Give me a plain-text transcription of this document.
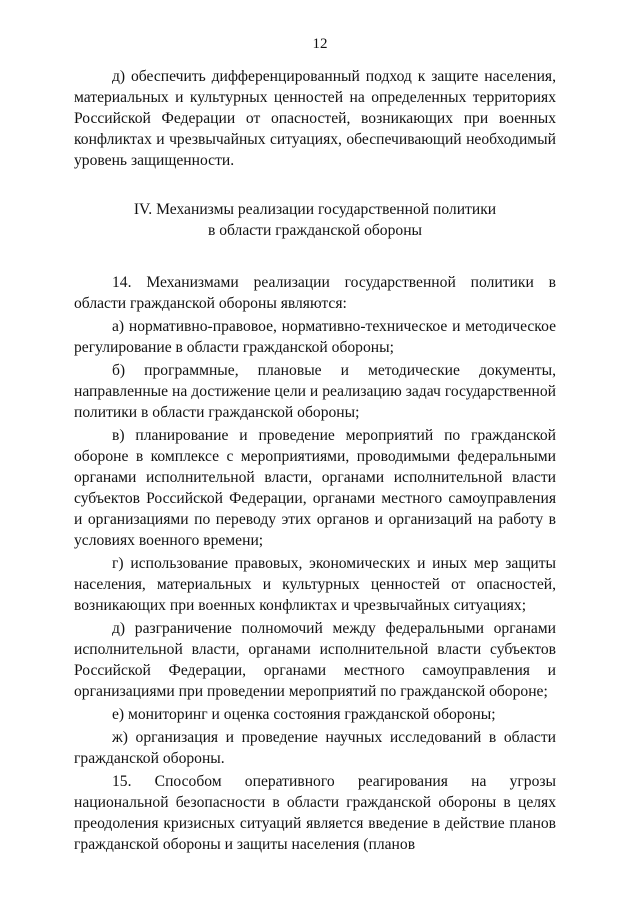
12

д) обеспечить дифференцированный подход к защите населения, материальных и культурных ценностей на определенных территориях Российской Федерации от опасностей, возникающих при военных конфликтах и чрезвычайных ситуациях, обеспечивающий необходимый уровень защищенности.

IV. Механизмы реализации государственной политики
в области гражданской обороны

14. Механизмами реализации государственной политики в области гражданской обороны являются:

а) нормативно-правовое, нормативно-техническое и методическое регулирование в области гражданской обороны;

б) программные, плановые и методические документы, направленные на достижение цели и реализацию задач государственной политики в области гражданской обороны;

в) планирование и проведение мероприятий по гражданской обороне в комплексе с мероприятиями, проводимыми федеральными органами исполнительной власти, органами исполнительной власти субъектов Российской Федерации, органами местного самоуправления и организациями по переводу этих органов и организаций на работу в условиях военного времени;

г) использование правовых, экономических и иных мер защиты населения, материальных и культурных ценностей от опасностей, возникающих при военных конфликтах и чрезвычайных ситуациях;

д) разграничение полномочий между федеральными органами исполнительной власти, органами исполнительной власти субъектов Российской Федерации, органами местного самоуправления и организациями при проведении мероприятий по гражданской обороне;

е) мониторинг и оценка состояния гражданской обороны;

ж) организация и проведение научных исследований в области гражданской обороны.

15. Способом оперативного реагирования на угрозы национальной безопасности в области гражданской обороны в целях преодоления кризисных ситуаций является введение в действие планов гражданской обороны и защиты населения (планов
